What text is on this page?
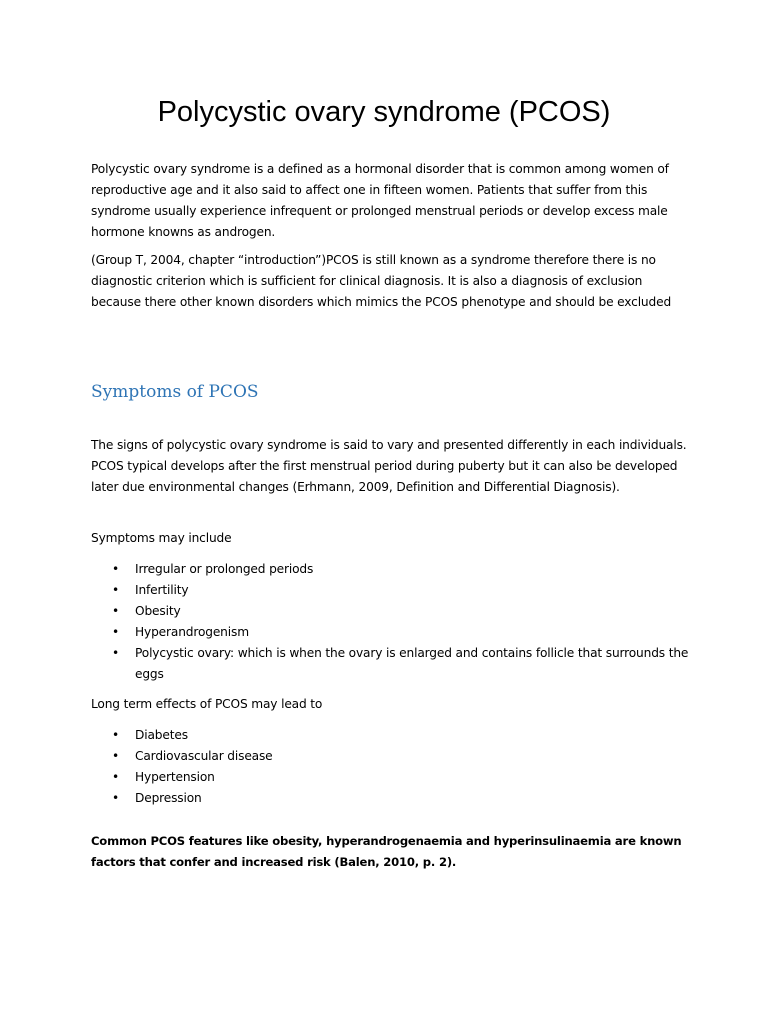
Polycystic ovary syndrome (PCOS)

Polycystic ovary syndrome is a defined as a hormonal disorder that is common among women of reproductive age and it also said to affect one in fifteen women. Patients that suffer from this syndrome usually experience infrequent or prolonged menstrual periods or develop excess male hormone knowns as androgen.

(Group T, 2004, chapter “introduction”)PCOS is still known as a syndrome therefore there is no diagnostic criterion which is sufficient for clinical diagnosis. It is also a diagnosis of exclusion because there other known disorders which mimics the PCOS phenotype and should be excluded

Symptoms of PCOS

The signs of polycystic ovary syndrome is said to vary and presented differently in each individuals. PCOS typical develops after the first menstrual period during puberty but it can also be developed later due environmental changes (Erhmann, 2009, Definition and Differential Diagnosis).

Symptoms may include

• Irregular or prolonged periods
• Infertility
• Obesity
• Hyperandrogenism
• Polycystic ovary: which is when the ovary is enlarged and contains follicle that surrounds the eggs

Long term effects of PCOS may lead to

• Diabetes
• Cardiovascular disease
• Hypertension
• Depression

Common PCOS features like obesity, hyperandrogenaemia and hyperinsulinaemia are known factors that confer and increased risk (Balen, 2010, p. 2).
